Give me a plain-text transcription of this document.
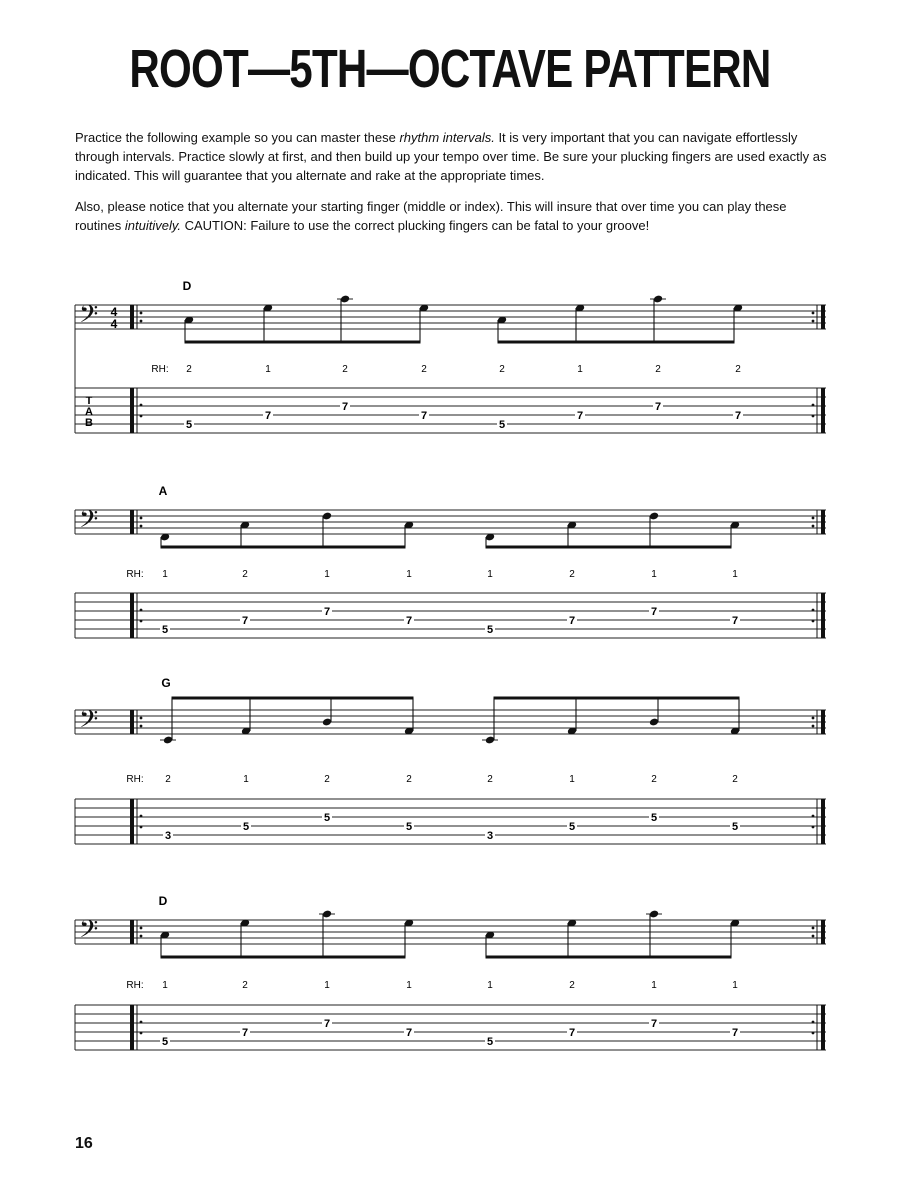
ROOT—5TH—OCTAVE PATTERN

Practice the following example so you can master these rhythm intervals. It is very important that you can navigate effortlessly through intervals. Practice slowly at first, and then build up your tempo over time. Be sure your plucking fingers are used exactly as indicated. This will guarantee that you alternate and rake at the appropriate times.

Also, please notice that you alternate your starting finger (middle or index). This will insure that over time you can play these routines intuitively. CAUTION: Failure to use the correct plucking fingers can be fatal to your groove!

𝄢 4
4
T
A
B
D
RH: 2	1	2	2	2	1	2	2
5
7
7
7
5
7
7
7
𝄢
A
RH: 1	2	1	1	1	2	1	1
5
7
7
7
5
7
7
7
𝄢
G
RH: 2	1	2	2	2	1	2	2
3
5
5
5
3
5
5
5
𝄢
D
RH: 1	2	1	1	1	2	1	1
5
7
7
7
5
7
7
7
16
